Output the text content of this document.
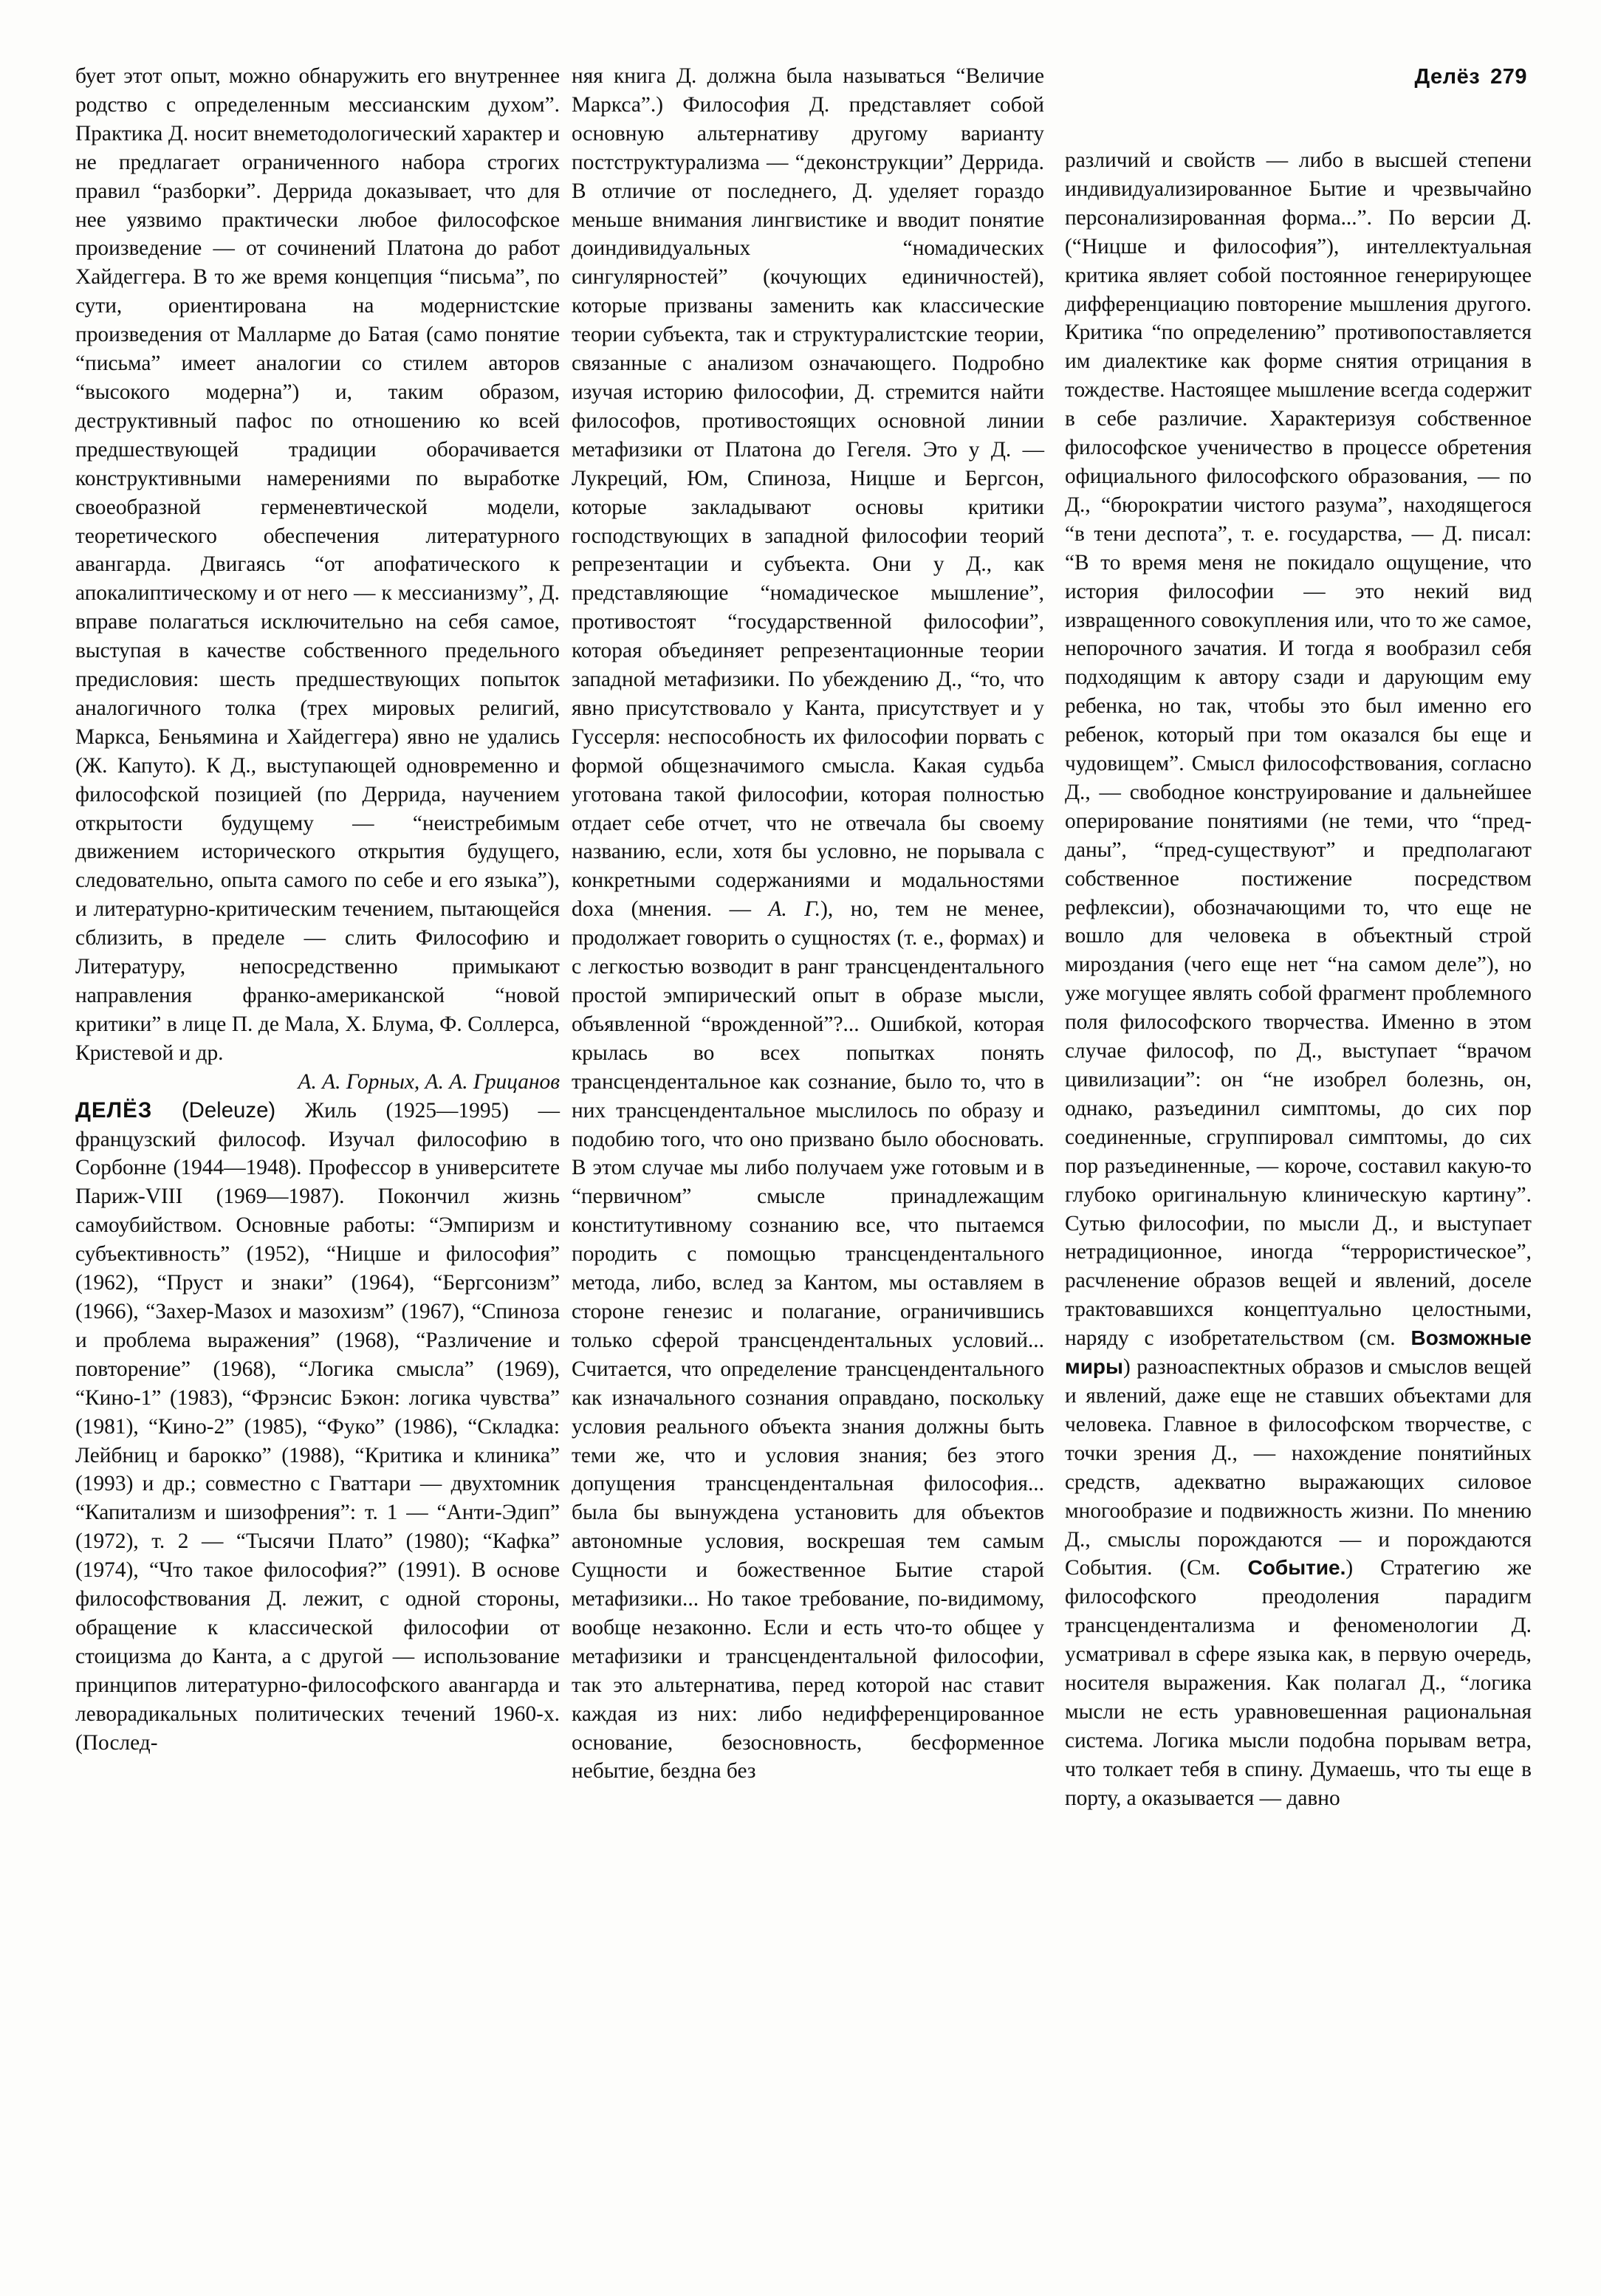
Делёз 279

бует этот опыт, можно обнаружить его внутреннее родство с определенным мессианским духом”. Практика Д. носит внеметодологический характер и не предлагает ограниченного набора строгих правил “разборки”. Деррида доказывает, что для нее уязвимо практически любое философское произведение — от сочинений Платона до работ Хайдеггера. В то же время концепция “письма”, по сути, ориентирована на модернистские произведения от Малларме до Батая (само понятие “письма” имеет аналогии со стилем авторов “высокого модерна”) и, таким образом, деструктивный пафос по отношению ко всей предшествующей традиции оборачивается конструктивными намерениями по выработке своеобразной герменевтической модели, теоретического обеспечения литературного авангарда. Двигаясь “от апофатического к апокалиптическому и от него — к мессианизму”, Д. вправе полагаться исключительно на себя самое, выступая в качестве собственного предельного предисловия: шесть предшествующих попыток аналогичного толка (трех мировых религий, Маркса, Беньямина и Хайдеггера) явно не удались (Ж. Капуто). К Д., выступающей одновременно и философской позицией (по Деррида, научением открытости будущему — “неистребимым движением исторического открытия будущего, следовательно, опыта самого по себе и его языка”), и литературно-критическим течением, пытающейся сблизить, в пределе — слить Философию и Литературу, непосредственно примыкают направления франко-американской “новой критики” в лице П. де Мала, Х. Блума, Ф. Соллерса, Кристевой и др.

А. А. Горных, А. А. Грицанов

ДЕЛЁЗ (Deleuze) Жиль (1925—1995) — французский философ. Изучал философию в Сорбонне (1944—1948). Профессор в университете Париж-VIII (1969—1987). Покончил жизнь самоубийством. Основные работы: “Эмпиризм и субъективность” (1952), “Ницше и философия” (1962), “Пруст и знаки” (1964), “Бергсонизм” (1966), “Захер-Мазох и мазохизм” (1967), “Спиноза и проблема выражения” (1968), “Различение и повторение” (1968), “Логика смысла” (1969), “Кино-1” (1983), “Фрэнсис Бэкон: логика чувства” (1981), “Кино-2” (1985), “Фуко” (1986), “Складка: Лейбниц и барокко” (1988), “Критика и клиника” (1993) и др.; совместно с Гваттари — двухтомник “Капитализм и шизофрения”: т. 1 — “Анти-Эдип” (1972), т. 2 — “Тысячи Плато” (1980); “Кафка” (1974), “Что такое философия?” (1991). В основе философствования Д. лежит, с одной стороны, обращение к классической философии от стоицизма до Канта, а с другой — использование принципов литературно-философского авангарда и леворадикальных политических течений 1960-х. (Послед-

няя книга Д. должна была называться “Величие Маркса”.) Философия Д. представляет собой основную альтернативу другому варианту постструктурализма — “деконструкции” Деррида. В отличие от последнего, Д. уделяет гораздо меньше внимания лингвистике и вводит понятие доиндивидуальных “номадических сингулярностей” (кочующих единичностей), которые призваны заменить как классические теории субъекта, так и структуралистские теории, связанные с анализом означающего. Подробно изучая историю философии, Д. стремится найти философов, противостоящих основной линии метафизики от Платона до Гегеля. Это у Д. — Лукреций, Юм, Спиноза, Ницше и Бергсон, которые закладывают основы критики господствующих в западной философии теорий репрезентации и субъекта. Они у Д., как представляющие “номадическое мышление”, противостоят “государственной философии”, которая объединяет репрезентационные теории западной метафизики. По убеждению Д., “то, что явно присутствовало у Канта, присутствует и у Гуссерля: неспособность их философии порвать с формой общезначимого смысла. Какая судьба уготована такой философии, которая полностью отдает себе отчет, что не отвечала бы своему названию, если, хотя бы условно, не порывала с конкретными содержаниями и модальностями doxa (мнения. — А. Г.), но, тем не менее, продолжает говорить о сущностях (т. е., формах) и с легкостью возводит в ранг трансцендентального простой эмпирический опыт в образе мысли, объявленной “врожденной”?... Ошибкой, которая крылась во всех попытках понять трансцендентальное как сознание, было то, что в них трансцендентальное мыслилось по образу и подобию того, что оно призвано было обосновать. В этом случае мы либо получаем уже готовым и в “первичном” смысле принадлежащим конститутивному сознанию все, что пытаемся породить с помощью трансцендентального метода, либо, вслед за Кантом, мы оставляем в стороне генезис и полагание, ограничившись только сферой трансцендентальных условий... Считается, что определение трансцендентального как изначального сознания оправдано, поскольку условия реального объекта знания должны быть теми же, что и условия знания; без этого допущения трансцендентальная философия... была бы вынуждена установить для объектов автономные условия, воскрешая тем самым Сущности и божественное Бытие старой метафизики... Но такое требование, по-видимому, вообще незаконно. Если и есть что-то общее у метафизики и трансцендентальной философии, так это альтернатива, перед которой нас ставит каждая из них: либо недифференцированное основание, безосновность, бесформенное небытие, бездна без

различий и свойств — либо в высшей степени индивидуализированное Бытие и чрезвычайно персонализированная форма...”. По версии Д. (“Ницше и философия”), интеллектуальная критика являет собой постоянное генерирующее дифференциацию повторение мышления другого. Критика “по определению” противопоставляется им диалектике как форме снятия отрицания в тождестве. Настоящее мышление всегда содержит в себе различие. Характеризуя собственное философское ученичество в процессе обретения официального философского образования, — по Д., “бюрократии чистого разума”, находящегося “в тени деспота”, т. е. государства, — Д. писал: “В то время меня не покидало ощущение, что история философии — это некий вид извращенного совокупления или, что то же самое, непорочного зачатия. И тогда я вообразил себя подходящим к автору сзади и дарующим ему ребенка, но так, чтобы это был именно его ребенок, который при том оказался бы еще и чудовищем”. Смысл философствования, согласно Д., — свободное конструирование и дальнейшее оперирование понятиями (не теми, что “пред-даны”, “пред-существуют” и предполагают собственное постижение посредством рефлексии), обозначающими то, что еще не вошло для человека в объектный строй мироздания (чего еще нет “на самом деле”), но уже могущее являть собой фрагмент проблемного поля философского творчества. Именно в этом случае философ, по Д., выступает “врачом цивилизации”: он “не изобрел болезнь, он, однако, разъединил симптомы, до сих пор соединенные, сгруппировал симптомы, до сих пор разъединенные, — короче, составил какую-то глубоко оригинальную клиническую картину”. Сутью философии, по мысли Д., и выступает нетрадиционное, иногда “террористическое”, расчленение образов вещей и явлений, доселе трактовавшихся концептуально целостными, наряду с изобретательством (см. Возможные миры) разноаспектных образов и смыслов вещей и явлений, даже еще не ставших объектами для человека. Главное в философском творчестве, с точки зрения Д., — нахождение понятийных средств, адекватно выражающих силовое многообразие и подвижность жизни. По мнению Д., смыслы порождаются — и порождаются События. (См. Событие.) Стратегию же философского преодоления парадигм трансцендентализма и феноменологии Д. усматривал в сфере языка как, в первую очередь, носителя выражения. Как полагал Д., “логика мысли не есть уравновешенная рациональная система. Логика мысли подобна порывам ветра, что толкает тебя в спину. Думаешь, что ты еще в порту, а оказывается — давно
